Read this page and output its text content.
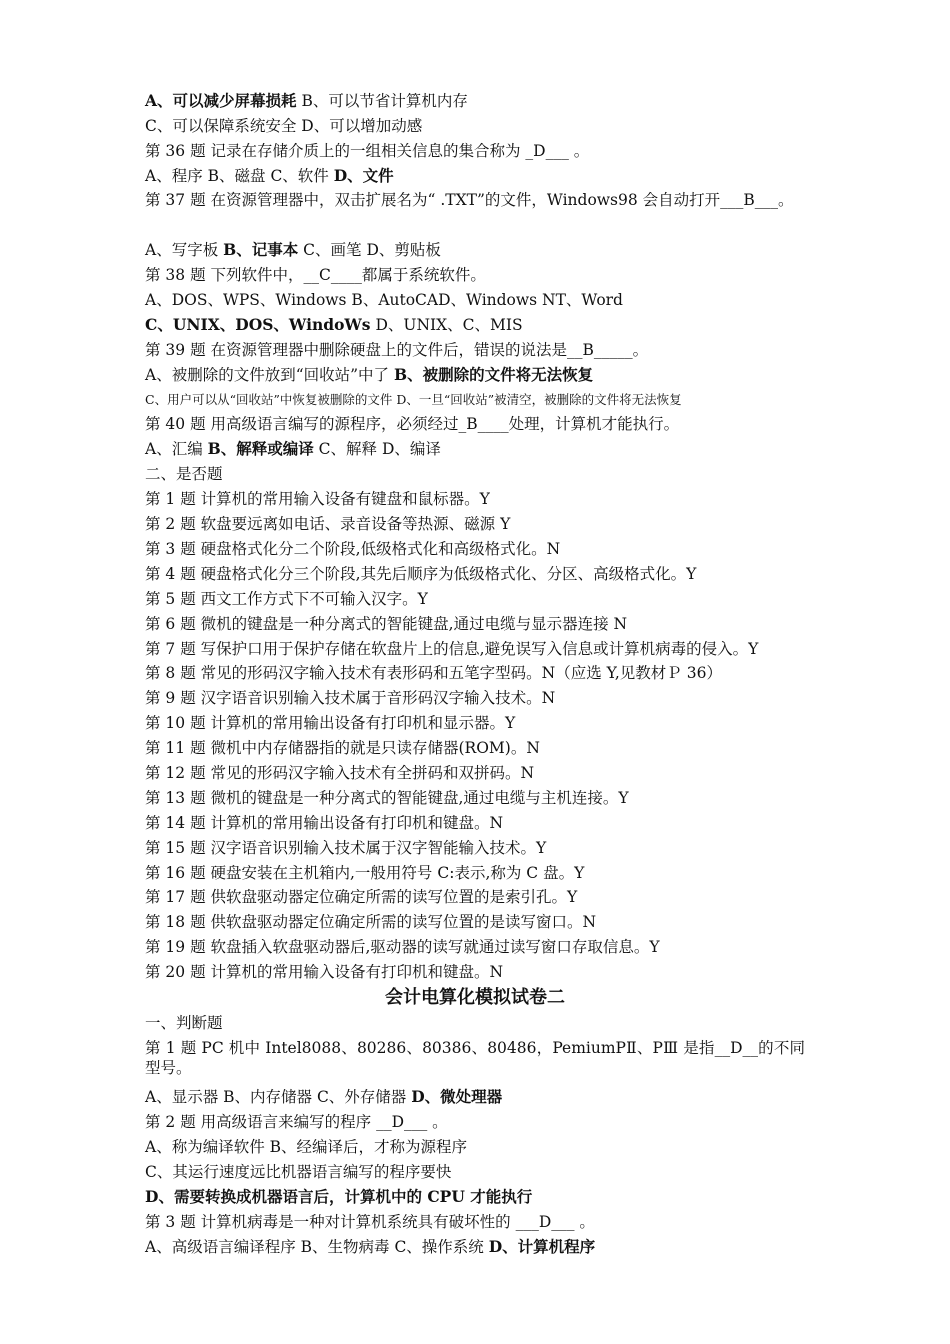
A、可以减少屏幕损耗 B、可以节省计算机内存
C、可以保障系统安全 D、可以增加动感
第 36 题 记录在存储介质上的一组相关信息的集合称为 _D___ 。
A、程序 B、磁盘 C、软件 D、文件
第 37 题 在资源管理器中，双击扩展名为“ .TXT”的文件，Windows98 会自动打开___B___。
A、写字板 B、记事本 C、画笔 D、剪贴板
第 38 题 下列软件中，__C____都属于系统软件。
A、DOS、WPS、Windows B、AutoCAD、Windows NT、Word
C、UNIX、DOS、WindoWs D、UNIX、C、MIS
第 39 题 在资源管理器中删除硬盘上的文件后，错误的说法是__B_____。
A、被删除的文件放到“回收站”中了 B、被删除的文件将无法恢复
C、用户可以从“回收站”中恢复被删除的文件 D、一旦“回收站”被清空，被删除的文件将无法恢复
第 40 题 用高级语言编写的源程序，必须经过_B____处理，计算机才能执行。
A、汇编 B、解释或编译 C、解释 D、编译
二、是否题
第 1 题 计算机的常用输入设备有键盘和鼠标器。Y
第 2 题 软盘要远离如电话、录音设备等热源、磁源 Y
第 3 题 硬盘格式化分二个阶段,低级格式化和高级格式化。N
第 4 题 硬盘格式化分三个阶段,其先后顺序为低级格式化、分区、高级格式化。Y
第 5 题 西文工作方式下不可输入汉字。Y
第 6 题 微机的键盘是一种分离式的智能键盘,通过电缆与显示器连接 N
第 7 题 写保护口用于保护存储在软盘片上的信息,避免误写入信息或计算机病毒的侵入。Y
第 8 题 常见的形码汉字输入技术有表形码和五笔字型码。N（应选 Y,见教材Ｐ 36）
第 9 题 汉字语音识别输入技术属于音形码汉字输入技术。N
第 10 题 计算机的常用输出设备有打印机和显示器。Y
第 11 题 微机中内存储器指的就是只读存储器(ROM)。N
第 12 题 常见的形码汉字输入技术有全拼码和双拼码。N
第 13 题 微机的键盘是一种分离式的智能键盘,通过电缆与主机连接。Y
第 14 题 计算机的常用输出设备有打印机和键盘。N
第 15 题 汉字语音识别输入技术属于汉字智能输入技术。Y
第 16 题 硬盘安装在主机箱内,一般用符号 C:表示,称为 C 盘。Y
第 17 题 供软盘驱动器定位确定所需的读写位置的是索引孔。Y
第 18 题 供软盘驱动器定位确定所需的读写位置的是读写窗口。N
第 19 题 软盘插入软盘驱动器后,驱动器的读写就通过读写窗口存取信息。Y
第 20 题 计算机的常用输入设备有打印机和键盘。N
一、判断题
第 1 题 PC 机中 Intel8088、80286、80386、80486，PemiumPⅡ、PⅢ 是指__D__的不同型号。
A、显示器 B、内存储器 C、外存储器 D、微处理器
第 2 题 用高级语言来编写的程序 __D___ 。
A、称为编译软件 B、经编译后，才称为源程序
C、其运行速度远比机器语言编写的程序要快
D、需要转换成机器语言后，计算机中的 CPU 才能执行
第 3 题 计算机病毒是一种对计算机系统具有破坏性的 ___D___ 。
A、高级语言编译程序 B、生物病毒 C、操作系统 D、计算机程序
会计电算化模拟试卷二
